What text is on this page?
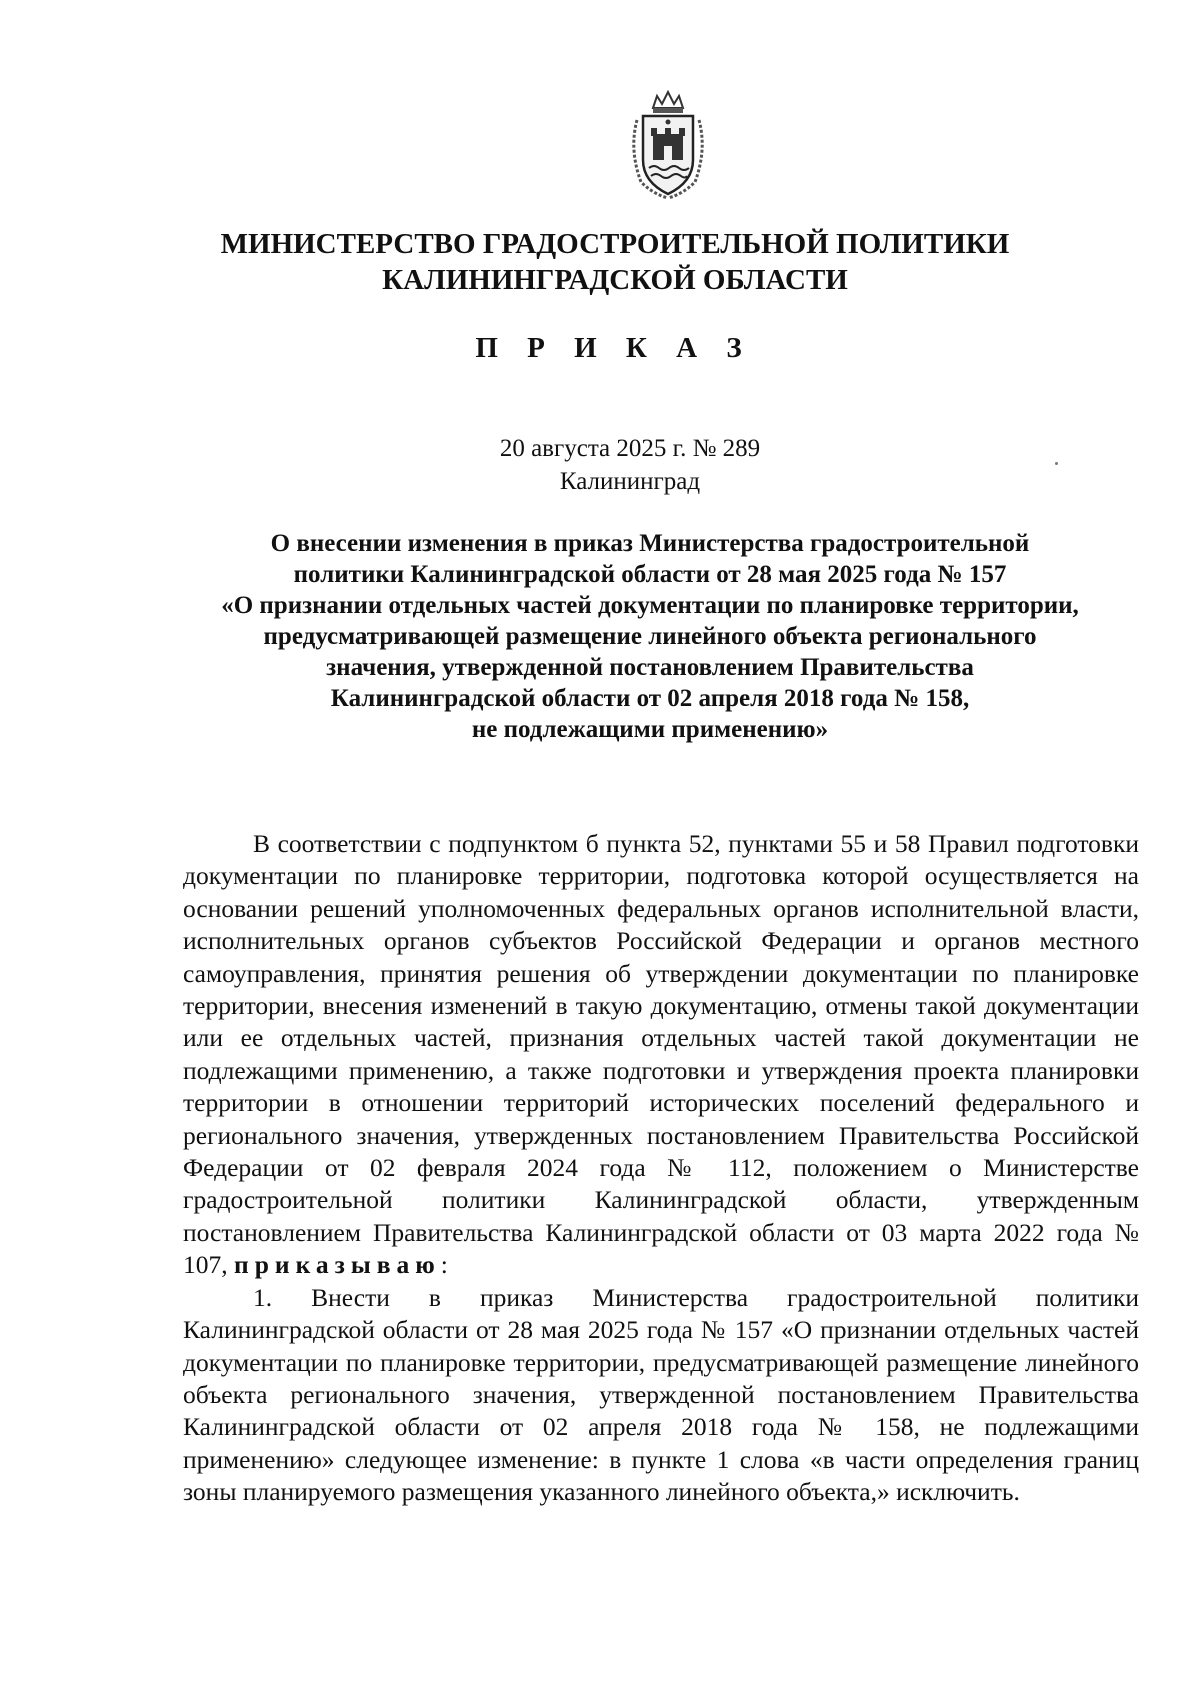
МИНИСТЕРСТВО ГРАДОСТРОИТЕЛЬНОЙ ПОЛИТИКИ
КАЛИНИНГРАДСКОЙ ОБЛАСТИ
П Р И К А З
20 августа 2025 г. № 289
Калининград
О внесении изменения в приказ Министерства градостроительной
политики Калининградской области от 28 мая 2025 года № 157
«О признании отдельных частей документации по планировке территории,
предусматривающей размещение линейного объекта регионального
значения, утвержденной постановлением Правительства
Калининградской области от 02 апреля 2018 года № 158,
не подлежащими применению»

В соответствии с подпунктом б пункта 52, пунктами 55 и 58 Правил подготовки документации по планировке территории, подготовка которой осуществляется на основании решений уполномоченных федеральных органов исполнительной власти, исполнительных органов субъектов Российской Федерации и органов местного самоуправления, принятия решения об утверждении документации по планировке территории, внесения изменений в такую документацию, отмены такой документации или ее отдельных частей, признания отдельных частей такой документации не подлежащими применению, а также подготовки и утверждения проекта планировки территории в отношении территорий исторических поселений федерального и регионального значения, утвержденных постановлением Правительства Российской Федерации от 02 февраля 2024 года № 112, положением о Министерстве градостроительной политики Калининградской области, утвержденным постановлением Правительства Калининградской области от 03 марта 2022 года № 107, приказываю:

1. Внести в приказ Министерства градостроительной политики Калининградской области от 28 мая 2025 года № 157 «О признании отдельных частей документации по планировке территории, предусматривающей размещение линейного объекта регионального значения, утвержденной постановлением Правительства Калининградской области от 02 апреля 2018 года № 158, не подлежащими применению» следующее изменение: в пункте 1 слова «в части определения границ зоны планируемого размещения указанного линейного объекта,» исключить.
